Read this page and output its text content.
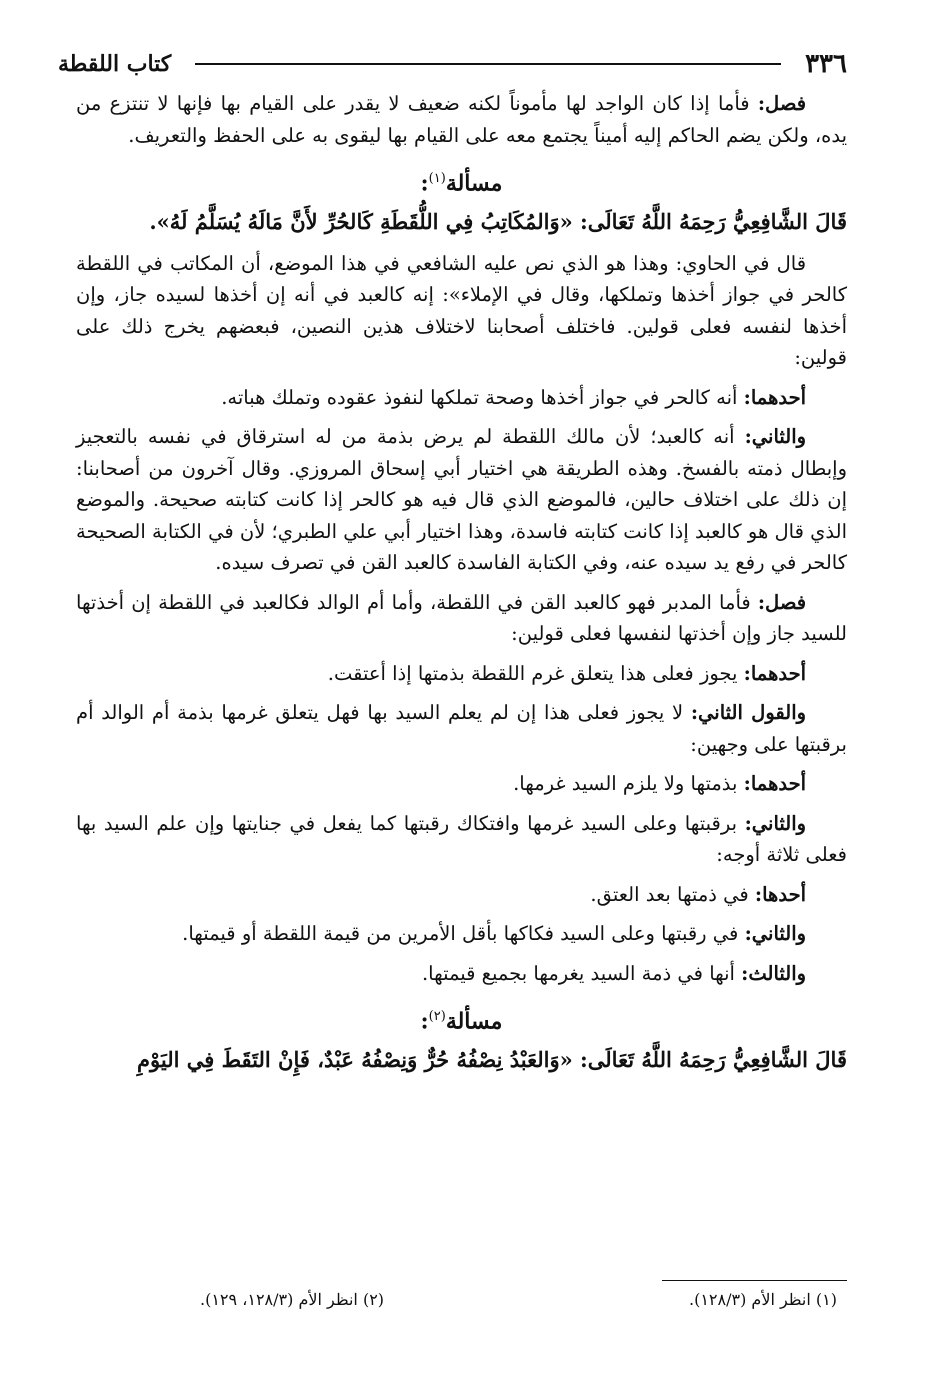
٣٣٦
كتاب اللقطة

فصل: فأما إذا كان الواجد لها مأموناً لكنه ضعيف لا يقدر على القيام بها فإنها لا تنتزع من يده، ولكن يضم الحاكم إليه أميناً يجتمع معه على القيام بها ليقوى به على الحفظ والتعريف.

مسألة$^{(١)}$:

قَالَ الشَّافِعِيُّ رَحِمَهُ اللَّهُ تَعَالَى: «وَالمُكَاتِبُ فِي اللُّقَطَةِ كَالحُرِّ لأَنَّ مَالَهُ يُسَلَّمُ لَهُ».

قال في الحاوي: وهذا هو الذي نص عليه الشافعي في هذا الموضع، أن المكاتب في اللقطة كالحر في جواز أخذها وتملكها، وقال في الإملاء»: إنه كالعبد في أنه إن أخذها لسيده جاز، وإن أخذها لنفسه فعلى قولين. فاختلف أصحابنا لاختلاف هذين النصين، فبعضهم يخرج ذلك على قولين:

أحدهما: أنه كالحر في جواز أخذها وصحة تملكها لنفوذ عقوده وتملك هباته.

والثاني: أنه كالعبد؛ لأن مالك اللقطة لم يرض بذمة من له استرقاق في نفسه بالتعجيز وإبطال ذمته بالفسخ. وهذه الطريقة هي اختيار أبي إسحاق المروزي. وقال آخرون من أصحابنا: إن ذلك على اختلاف حالين، فالموضع الذي قال فيه هو كالحر إذا كانت كتابته صحيحة. والموضع الذي قال هو كالعبد إذا كانت كتابته فاسدة، وهذا اختيار أبي علي الطبري؛ لأن في الكتابة الصحيحة كالحر في رفع يد سيده عنه، وفي الكتابة الفاسدة كالعبد القن في تصرف سيده.

فصل: فأما المدبر فهو كالعبد القن في اللقطة، وأما أم الوالد فكالعبد في اللقطة إن أخذتها للسيد جاز وإن أخذتها لنفسها فعلى قولين:

أحدهما: يجوز فعلى هذا يتعلق غرم اللقطة بذمتها إذا أعتقت.

والقول الثاني: لا يجوز فعلى هذا إن لم يعلم السيد بها فهل يتعلق غرمها بذمة أم الوالد أم برقبتها على وجهين:

أحدهما: بذمتها ولا يلزم السيد غرمها.

والثاني: برقبتها وعلى السيد غرمها وافتكاك رقبتها كما يفعل في جنايتها وإن علم السيد بها فعلى ثلاثة أوجه:

أحدها: في ذمتها بعد العتق.

والثاني: في رقبتها وعلى السيد فكاكها بأقل الأمرين من قيمة اللقطة أو قيمتها.

والثالث: أنها في ذمة السيد يغرمها بجميع قيمتها.

مسألة$^{(٢)}$:

قَالَ الشَّافِعِيُّ رَحِمَهُ اللَّهُ تَعَالَى: «وَالعَبْدُ نِصْفُهُ حُرٌّ وَنِصْفُهُ عَبْدٌ، فَإِنْ التَقَطَ فِي اليَوْمِ

(١) انظر الأم (١٢٨/٣).
(٢) انظر الأم (١٢٨/٣، ١٢٩).
